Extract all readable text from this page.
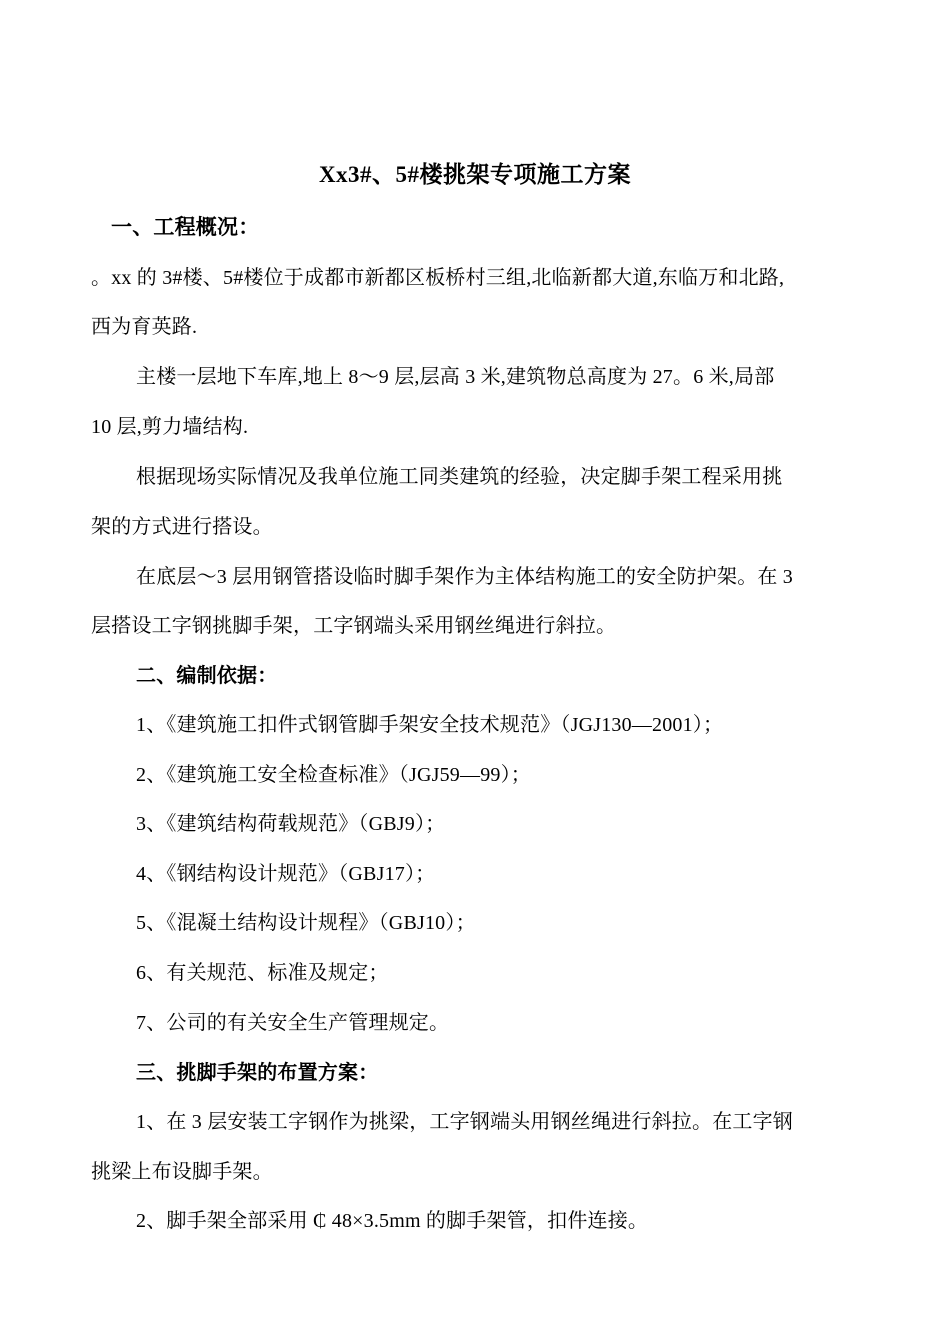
Xx3#、5#楼挑架专项施工方案
一、工程概况：
。xx 的 3#楼、5#楼位于成都市新都区板桥村三组,北临新都大道,东临万和北路,
西为育英路.
主楼一层地下车库,地上 8～9 层,层高 3 米,建筑物总高度为 27。6 米,局部
10 层,剪力墙结构.
根据现场实际情况及我单位施工同类建筑的经验，决定脚手架工程采用挑
架的方式进行搭设。
在底层～3 层用钢管搭设临时脚手架作为主体结构施工的安全防护架。在 3
层搭设工字钢挑脚手架，工字钢端头采用钢丝绳进行斜拉。
二、编制依据：
1、《建筑施工扣件式钢管脚手架安全技术规范》（JGJ130—2001）；
2、《建筑施工安全检查标准》（JGJ59—99）；
3、《建筑结构荷载规范》（GBJ9）；
4、《钢结构设计规范》（GBJ17）；
5、《混凝土结构设计规程》（GBJ10）；
6、有关规范、标准及规定；
7、公司的有关安全生产管理规定。
三、挑脚手架的布置方案：
1、在 3 层安装工字钢作为挑梁，工字钢端头用钢丝绳进行斜拉。在工字钢
挑梁上布设脚手架。
2、脚手架全部采用 ₵ 48×3.5mm 的脚手架管，扣件连接。
